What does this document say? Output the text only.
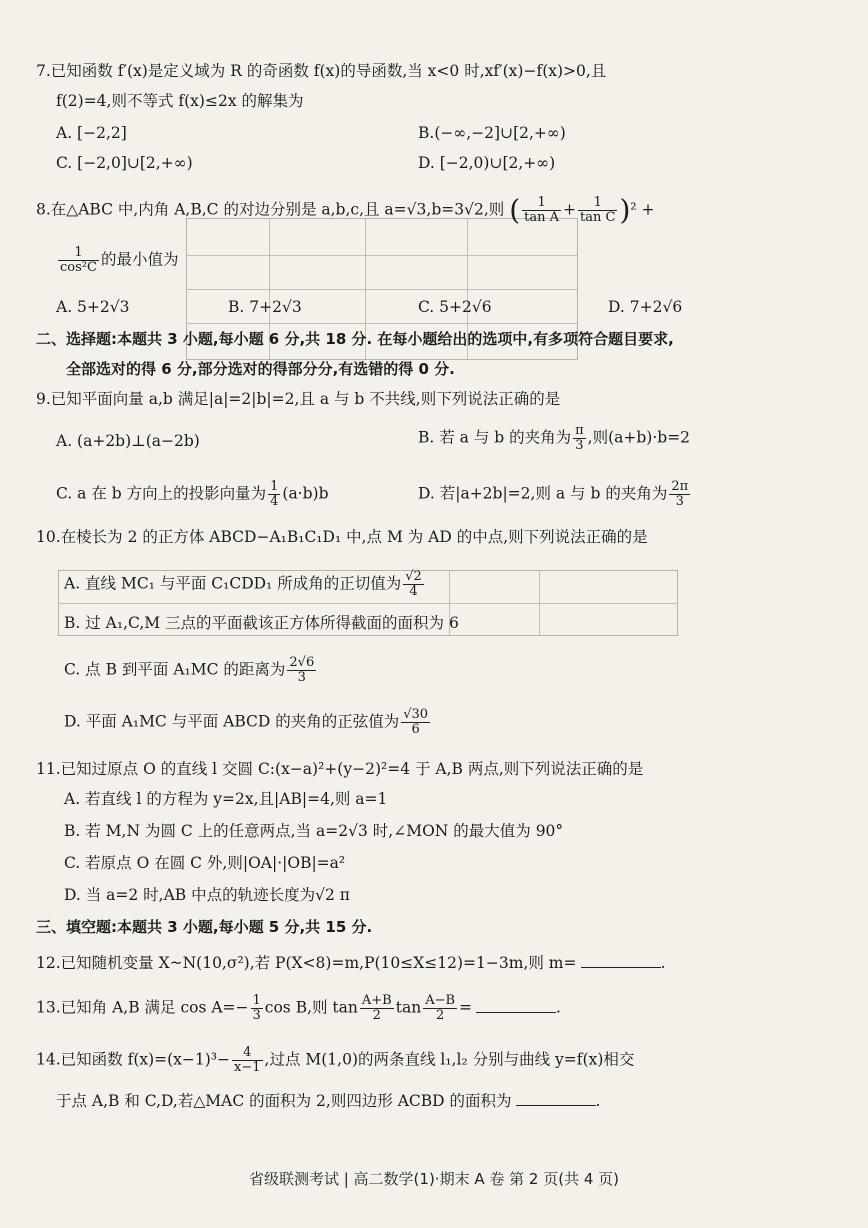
7.已知函数 f′(x)是定义域为 R 的奇函数 f(x)的导函数,当 x<0 时,xf′(x)−f(x)>0,且
f(2)=4,则不等式 f(x)≤2x 的解集为
A. [−2,2]	B.(−∞,−2]∪[2,+∞)
C. [−2,0]∪[2,+∞)	D. [−2,0)∪[2,+∞)
8.在△ABC 中,内角 A,B,C 的对边分别是 a,b,c,且 a=√3,b=3√2,则 ( $\frac{1}{\text{tan A}} + \frac{1}{\text{tan C}} )^2$ +
$\frac{1}{\text{cos²C}}$ 的最小值为
A. 5+2√3	B. 7+2√3	C. 5+2√6	D. 7+2√6
二、选择题:本题共 3 小题,每小题 6 分,共 18 分. 在每小题给出的选项中,有多项符合题目要求,
全部选对的得 6 分,部分选对的得部分分,有选错的得 0 分.
9.已知平面向量 a,b 满足|a|=2|b|=2,且 a 与 b 不共线,则下列说法正确的是
A. (a+2b)⊥(a−2b)	B. 若 a 与 b 的夹角为 $\frac{\pi}{3}$ ,则(a+b)·b=2
C. a 在 b 方向上的投影向量为 $\frac{1}{4} (a\cdot b)b$	D. 若|a+2b|=2,则 a 与 b 的夹角为 $\frac{2\pi}{3}$
10.在棱长为 2 的正方体 ABCD−A₁B₁C₁D₁ 中,点 M 为 AD 的中点,则下列说法正确的是
A. 直线 MC₁ 与平面 C₁CDD₁ 所成角的正切值为 $\frac{√2}{4}$
B. 过 A₁,C,M 三点的平面截该正方体所得截面的面积为 6
C. 点 B 到平面 A₁MC 的距离为 $\frac{2√6}{3}$
D. 平面 A₁MC 与平面 ABCD 的夹角的正弦值为 $\frac{√30}{6}$
11.已知过原点 O 的直线 l 交圆 C:(x−a)²+(y−2)²=4 于 A,B 两点,则下列说法正确的是
A. 若直线 l 的方程为 y=2x,且|AB|=4,则 a=1
B. 若 M,N 为圆 C 上的任意两点,当 a=2√3 时,∠MON 的最大值为 90°
C. 若原点 O 在圆 C 外,则|OA|·|OB|=a²
D. 当 a=2 时,AB 中点的轨迹长度为√2 π
三、填空题:本题共 3 小题,每小题 5 分,共 15 分.
12.已知随机变量 X~N(10,σ²),若 P(X<8)=m,P(10≤X≤12)=1−3m,则 m=	.
13.已知角 A,B 满足 $\cos A=- \frac{1}{3}$ cos B,则 $\tan \frac{A+B}{2}$ $\tan \frac{A-B}{2}$ =	.
14.已知函数 $f(x)=(x-1)^3- \frac{4}{x-1}$ ,过点 M(1,0)的两条直线 l₁,l₂ 分别与曲线 y=f(x)相交
于点 A,B 和 C,D,若△MAC 的面积为 2,则四边形 ACBD 的面积为	.
省级联测考试 | 高二数学(1)·期末 A 卷 第 2 页(共 4 页)
